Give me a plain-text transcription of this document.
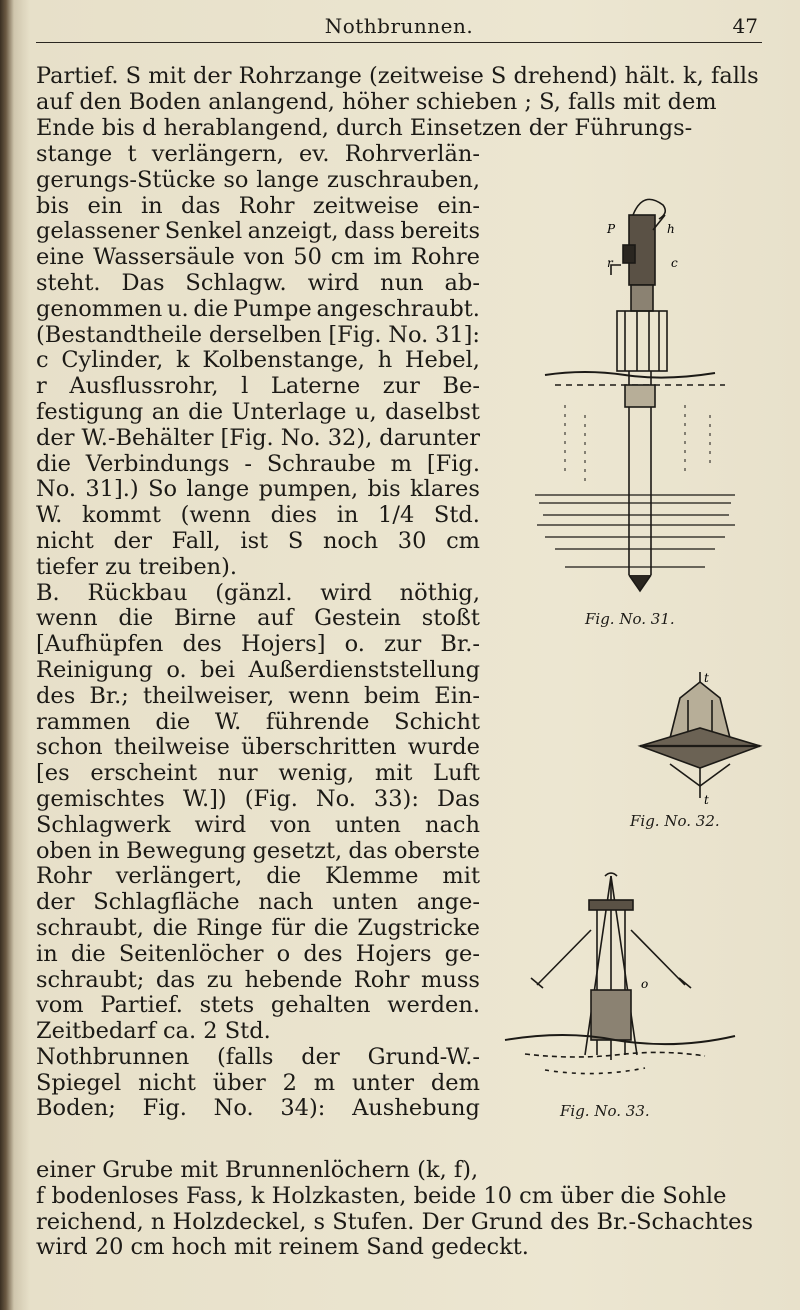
Nothbrunnen.	47
Partief. S mit der Rohrzange (zeitweise S drehend) hält. k, falls
auf den Boden anlangend, höher schieben ; S, falls mit dem
Ende bis d herablangend, durch Einsetzen der Führungs-
stange t verlängern, ev. Rohrverlän-
gerungs-Stücke so lange zuschrauben,
bis ein in das Rohr zeitweise ein-
gelassener Senkel anzeigt, dass bereits
eine Wassersäule von 50 cm im Rohre
steht. Das Schlagw. wird nun ab-
genommen u. die Pumpe angeschraubt.
(Bestandtheile derselben [Fig. No. 31]:
c Cylinder, k Kolbenstange, h Hebel,
r Ausflussrohr, l Laterne zur Be-
festigung an die Unterlage u, daselbst
der W.-Behälter [Fig. No. 32), darunter
die Verbindungs - Schraube m [Fig.
No. 31].) So lange pumpen, bis klares
W. kommt (wenn dies in 1/4 Std.
nicht der Fall, ist S noch 30 cm
tiefer zu treiben).
B. Rückbau (gänzl. wird nöthig,
wenn die Birne auf Gestein stoßt
[Aufhüpfen des Hojers] o. zur Br.-
Reinigung o. bei Außerdienststellung
des Br.; theilweiser, wenn beim Ein-
rammen die W. führende Schicht
schon theilweise überschritten wurde
[es erscheint nur wenig, mit Luft
gemischtes W.]) (Fig. No. 33): Das
Schlagwerk wird von unten nach
oben in Bewegung gesetzt, das oberste
Rohr verlängert, die Klemme mit
der Schlagfläche nach unten ange-
schraubt, die Ringe für die Zugstricke
in die Seitenlöcher o des Hojers ge-
schraubt; das zu hebende Rohr muss
vom Partief. stets gehalten werden.
Zeitbedarf ca. 2 Std.
Nothbrunnen (falls der Grund-W.-
Spiegel nicht über 2 m unter dem
Boden; Fig. No. 34): Aushebung
einer Grube mit Brunnenlöchern (k, f),
f bodenloses Fass, k Holzkasten, beide 10 cm über die Sohle
reichend, n Holzdeckel, s Stufen. Der Grund des Br.-Schachtes
wird 20 cm hoch mit reinem Sand gedeckt.
P	h
r	c
Fig. No. 31.
t
t
Fig. No. 32.
o
Fig. No. 33.
